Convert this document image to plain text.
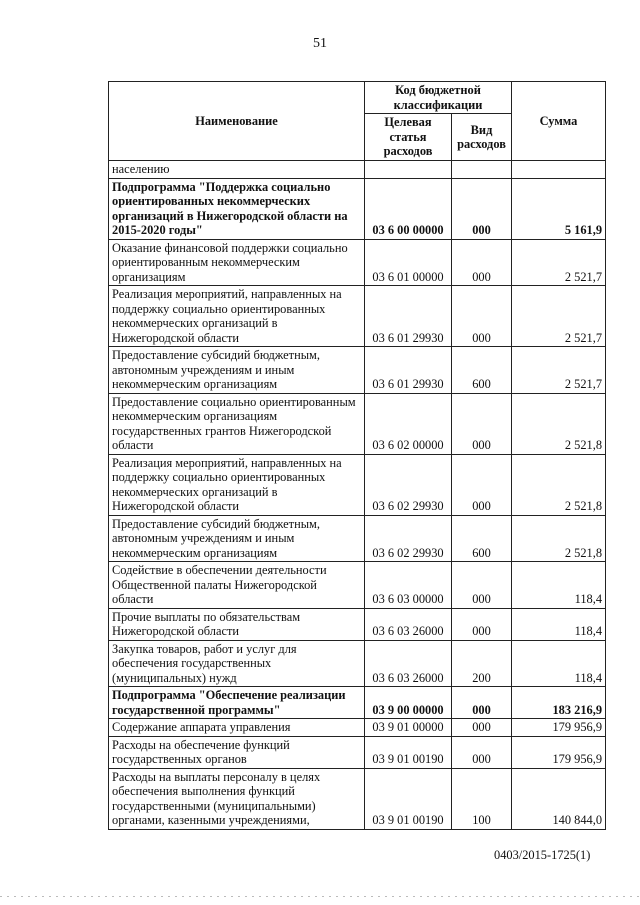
51
Наименование	Код бюджетной классификации		Сумма
	Целевая статья расходов	Вид расходов	
населению			
Подпрограмма "Поддержка социально ориентированных некоммерческих организаций в Нижегородской области на 2015-2020 годы"	03 6 00 00000	000	5 161,9
Оказание финансовой поддержки социально ориентированным некоммерческим организациям	03 6 01 00000	000	2 521,7
Реализация мероприятий, направленных на поддержку социально ориентированных некоммерческих организаций в Нижегородской области	03 6 01 29930	000	2 521,7
Предоставление субсидий бюджетным, автономным учреждениям и иным некоммерческим организациям	03 6 01 29930	600	2 521,7
Предоставление социально ориентированным некоммерческим организациям государственных грантов Нижегородской области	03 6 02 00000	000	2 521,8
Реализация мероприятий, направленных на поддержку социально ориентированных некоммерческих организаций в Нижегородской области	03 6 02 29930	000	2 521,8
Предоставление субсидий бюджетным, автономным учреждениям и иным некоммерческим организациям	03 6 02 29930	600	2 521,8
Содействие в обеспечении деятельности Общественной палаты Нижегородской области	03 6 03 00000	000	118,4
Прочие выплаты по обязательствам Нижегородской области	03 6 03 26000	000	118,4
Закупка товаров, работ и услуг для обеспечения государственных (муниципальных) нужд	03 6 03 26000	200	118,4
Подпрограмма "Обеспечение реализации государственной программы"	03 9 00 00000	000	183 216,9
Содержание аппарата управления	03 9 01 00000	000	179 956,9
Расходы на обеспечение функций государственных органов	03 9 01 00190	000	179 956,9
Расходы на выплаты персоналу в целях обеспечения выполнения функций государственными (муниципальными) органами, казенными учреждениями,	03 9 01 00190	100	140 844,0
0403/2015-1725(1)
